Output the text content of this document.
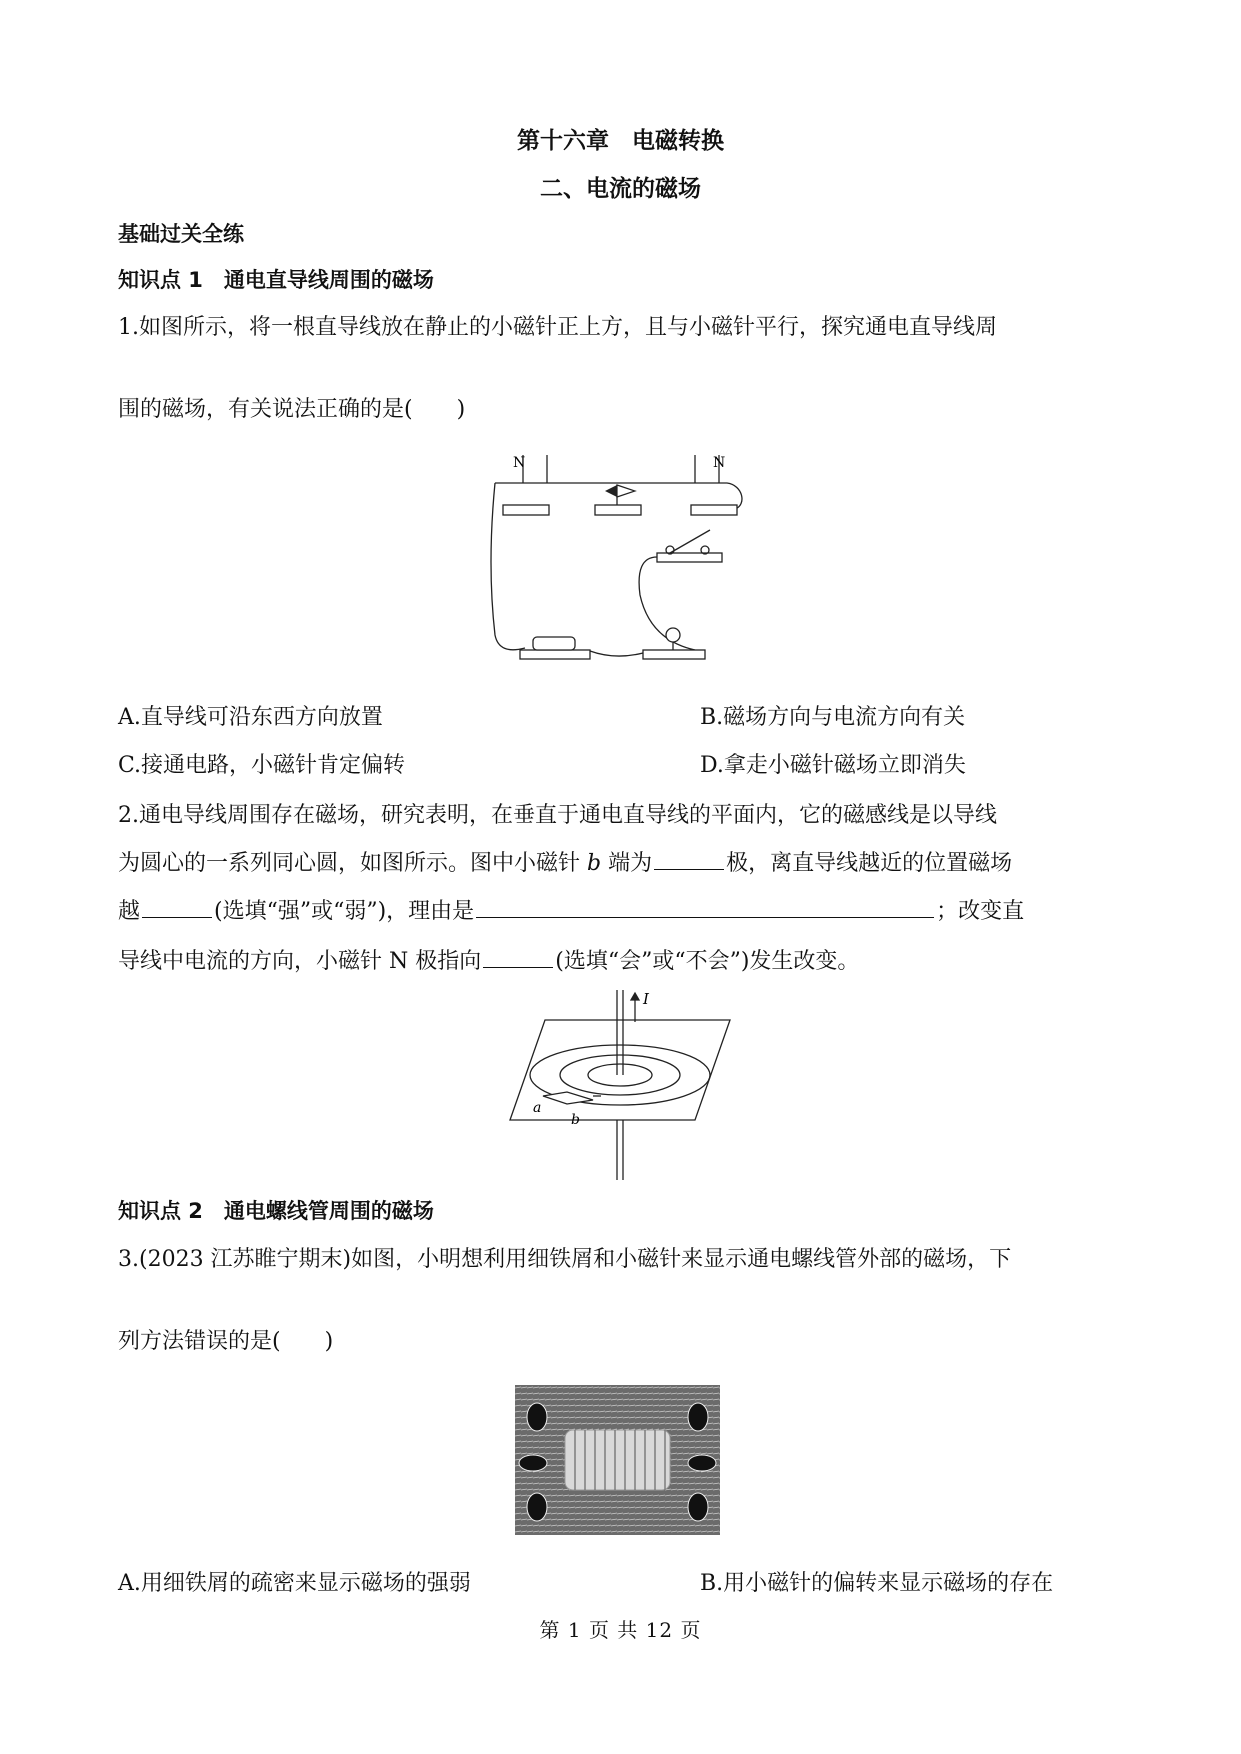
第十六章　电磁转换
二、电流的磁场
基础过关全练
知识点 1　通电直导线周围的磁场
1.如图所示，将一根直导线放在静止的小磁针正上方，且与小磁针平行，探究通电直导线周
围的磁场，有关说法正确的是(　　)
N	N
A.直导线可沿东西方向放置	B.磁场方向与电流方向有关
C.接通电路，小磁针肯定偏转	D.拿走小磁针磁场立即消失
2.通电导线周围存在磁场，研究表明，在垂直于通电直导线的平面内，它的磁感线是以导线
为圆心的一系列同心圆，如图所示。图中小磁针 b 端为	极，离直导线越近的位置磁场
越	(选填“强”或“弱”)，理由是	；改变直
导线中电流的方向，小磁针 N 极指向	(选填“会”或“不会”)发生改变。
I
a
b
知识点 2　通电螺线管周围的磁场
3.(2023 江苏睢宁期末)如图，小明想利用细铁屑和小磁针来显示通电螺线管外部的磁场，下
列方法错误的是(　　)
A.用细铁屑的疏密来显示磁场的强弱	B.用小磁针的偏转来显示磁场的存在
第 1 页 共 12 页
